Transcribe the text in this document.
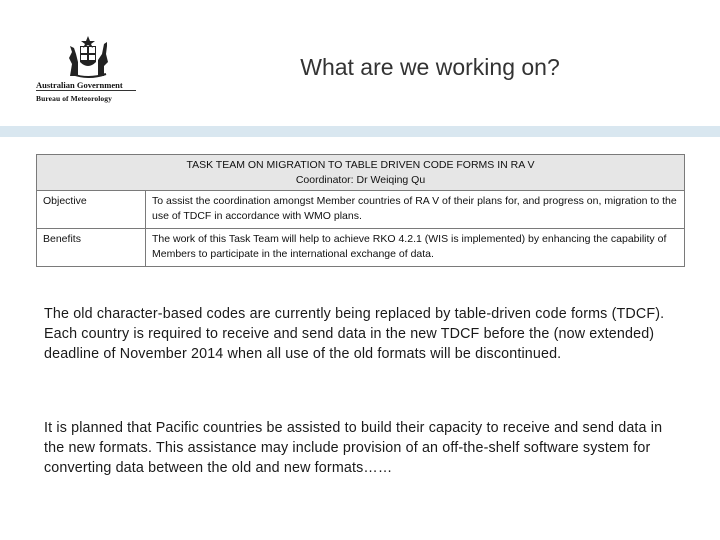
Australian Government
Bureau of Meteorology
What are we working on?
TASK TEAM ON MIGRATION TO TABLE DRIVEN CODE FORMS IN RA V
Coordinator: Dr Weiqing Qu	

Objective	To assist the coordination amongst Member countries of RA V of their plans for, and progress on, migration to the use of TDCF in accordance with WMO plans.
Benefits	The work of this Task Team will help to achieve RKO 4.2.1 (WIS is implemented) by enhancing the capability of Members to participate in the international exchange of data.

The old character-based codes are currently being replaced by table-driven code forms (TDCF). Each country is required to receive and send data in the new TDCF before the (now extended) deadline of November 2014 when all use of the old formats will be discontinued.

It is planned that Pacific countries be assisted to build their capacity to receive and send data in the new formats. This assistance may include provision of an off-the-shelf software system for converting data between the old and new formats……
